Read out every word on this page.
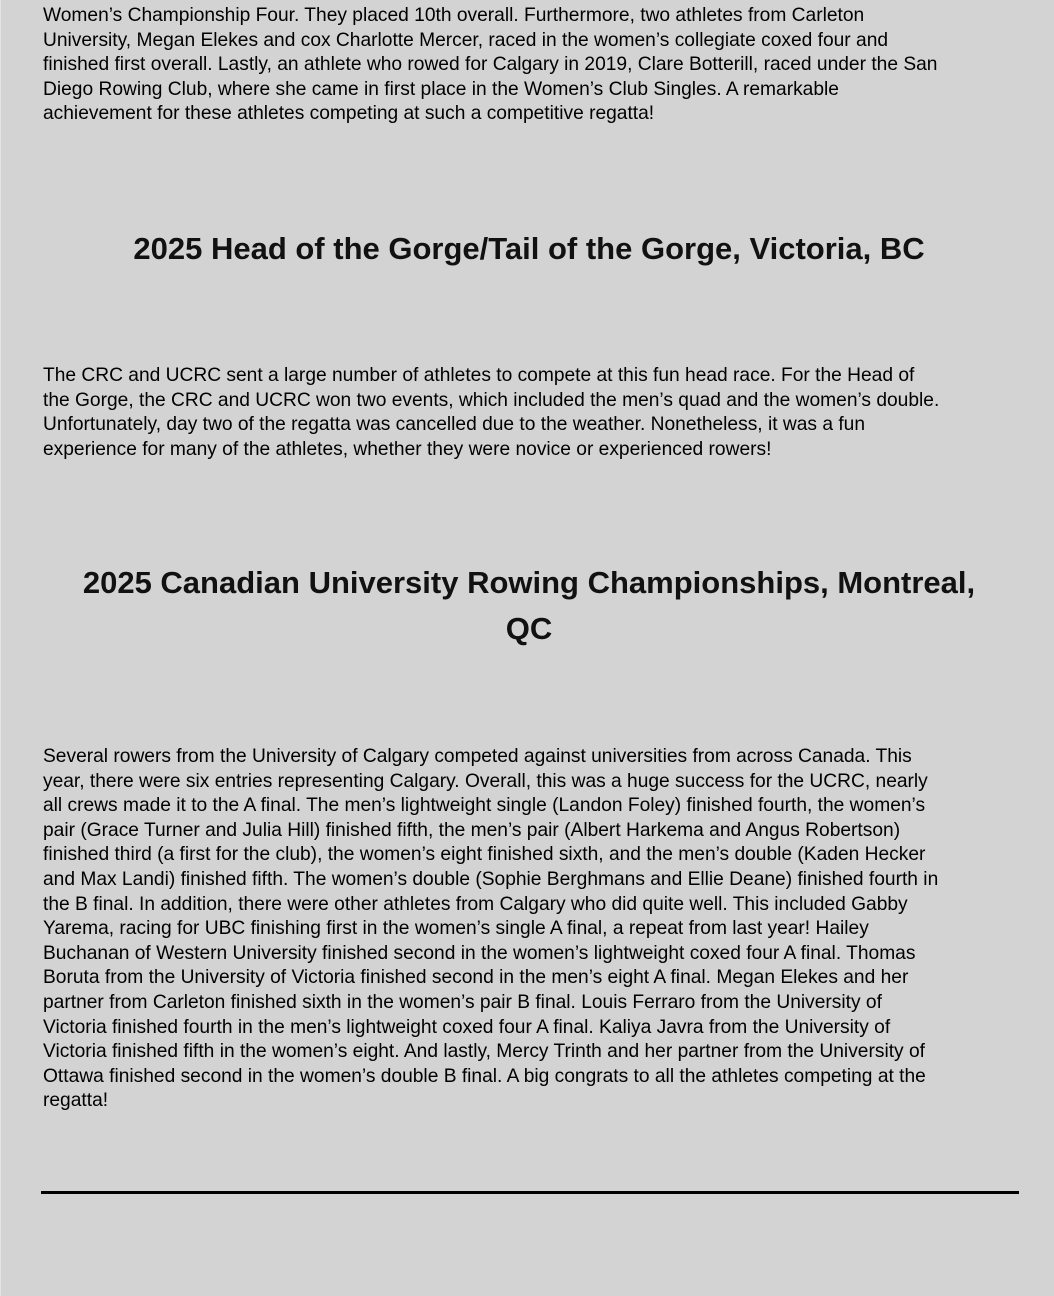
Women’s Championship Four. They placed 10th overall. Furthermore, two athletes from Carleton
University, Megan Elekes and cox Charlotte Mercer, raced in the women’s collegiate coxed four and
finished first overall. Lastly, an athlete who rowed for Calgary in 2019, Clare Botterill, raced under the San
Diego Rowing Club, where she came in first place in the Women’s Club Singles. A remarkable
achievement for these athletes competing at such a competitive regatta!

2025 Head of the Gorge/Tail of the Gorge, Victoria, BC

The CRC and UCRC sent a large number of athletes to compete at this fun head race. For the Head of
the Gorge, the CRC and UCRC won two events, which included the men’s quad and the women’s double.
Unfortunately, day two of the regatta was cancelled due to the weather. Nonetheless, it was a fun
experience for many of the athletes, whether they were novice or experienced rowers!

2025 Canadian University Rowing Championships, Montreal,
QC

Several rowers from the University of Calgary competed against universities from across Canada. This
year, there were six entries representing Calgary. Overall, this was a huge success for the UCRC, nearly
all crews made it to the A final. The men’s lightweight single (Landon Foley) finished fourth, the women’s
pair (Grace Turner and Julia Hill) finished fifth, the men’s pair (Albert Harkema and Angus Robertson)
finished third (a first for the club), the women’s eight finished sixth, and the men’s double (Kaden Hecker
and Max Landi) finished fifth. The women’s double (Sophie Berghmans and Ellie Deane) finished fourth in
the B final. In addition, there were other athletes from Calgary who did quite well. This included Gabby
Yarema, racing for UBC finishing first in the women’s single A final, a repeat from last year! Hailey
Buchanan of Western University finished second in the women’s lightweight coxed four A final. Thomas
Boruta from the University of Victoria finished second in the men’s eight A final. Megan Elekes and her
partner from Carleton finished sixth in the women’s pair B final. Louis Ferraro from the University of
Victoria finished fourth in the men’s lightweight coxed four A final. Kaliya Javra from the University of
Victoria finished fifth in the women’s eight. And lastly, Mercy Trinth and her partner from the University of
Ottawa finished second in the women’s double B final. A big congrats to all the athletes competing at the
regatta!
